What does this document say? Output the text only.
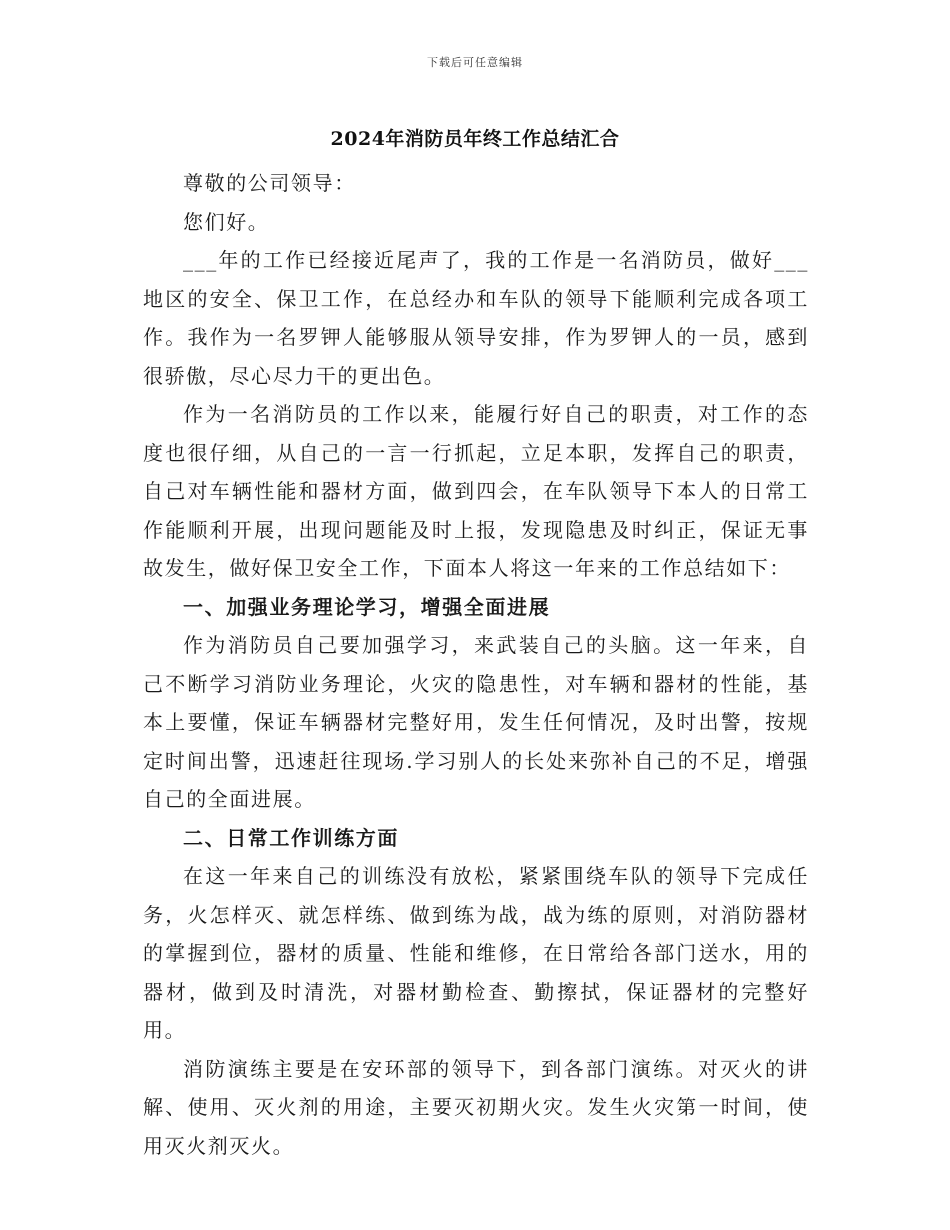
下载后可任意编辑
2024年消防员年终工作总结汇合

尊敬的公司领导：

您们好。

___年的工作已经接近尾声了，我的工作是一名消防员，做好___地区的安全、保卫工作，在总经办和车队的领导下能顺利完成各项工作。我作为一名罗钾人能够服从领导安排，作为罗钾人的一员，感到很骄傲，尽心尽力干的更出色。

作为一名消防员的工作以来，能履行好自己的职责，对工作的态度也很仔细，从自己的一言一行抓起，立足本职，发挥自己的职责，自己对车辆性能和器材方面，做到四会，在车队领导下本人的日常工作能顺利开展，出现问题能及时上报，发现隐患及时纠正，保证无事故发生，做好保卫安全工作，下面本人将这一年来的工作总结如下：

一、加强业务理论学习，增强全面进展

作为消防员自己要加强学习，来武装自己的头脑。这一年来，自己不断学习消防业务理论，火灾的隐患性，对车辆和器材的性能，基本上要懂，保证车辆器材完整好用，发生任何情况，及时出警，按规定时间出警，迅速赶往现场.学习别人的长处来弥补自己的不足，增强自己的全面进展。

二、日常工作训练方面

在这一年来自己的训练没有放松，紧紧围绕车队的领导下完成任务，火怎样灭、就怎样练、做到练为战，战为练的原则，对消防器材的掌握到位，器材的质量、性能和维修，在日常给各部门送水，用的器材，做到及时清洗，对器材勤检查、勤擦拭，保证器材的完整好用。

消防演练主要是在安环部的领导下，到各部门演练。对灭火的讲解、使用、灭火剂的用途，主要灭初期火灾。发生火灾第一时间，使用灭火剂灭火。
